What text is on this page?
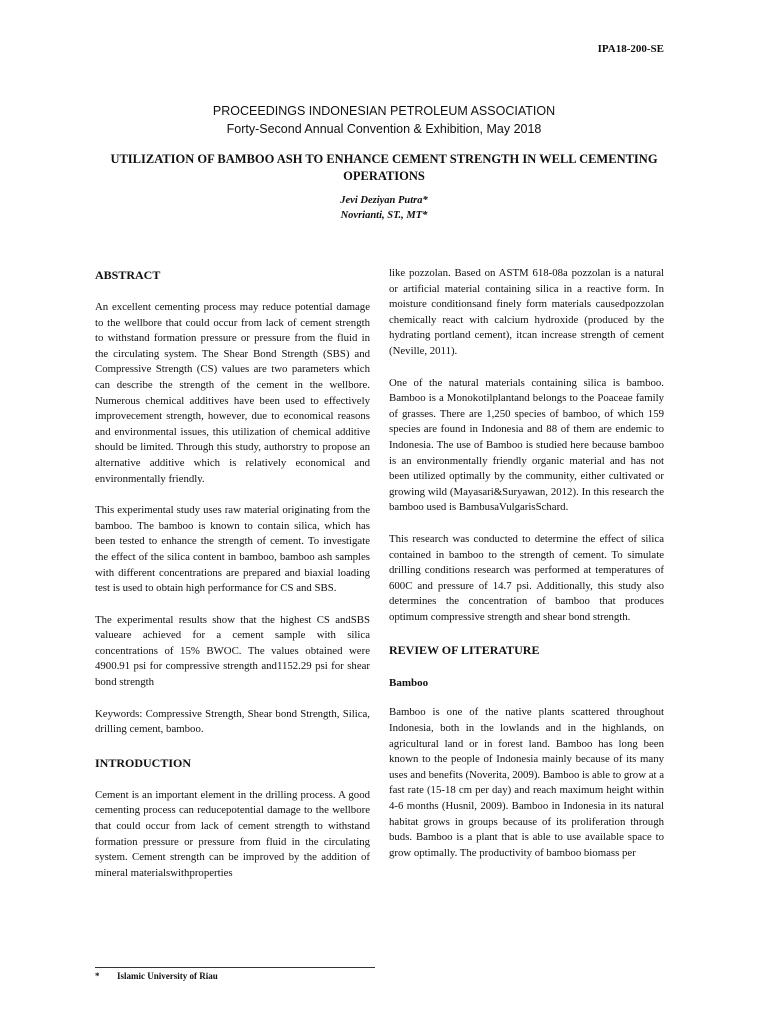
IPA18-200-SE
PROCEEDINGS INDONESIAN PETROLEUM ASSOCIATION
Forty-Second Annual Convention & Exhibition, May 2018
UTILIZATION OF BAMBOO ASH TO ENHANCE CEMENT STRENGTH IN WELL CEMENTING OPERATIONS
Jevi Deziyan Putra*
Novrianti, ST., MT*
ABSTRACT

An excellent cementing process may reduce potential damage to the wellbore that could occur from lack of cement strength to withstand formation pressure or pressure from the fluid in the circulating system. The Shear Bond Strength (SBS) and Compressive Strength (CS) values are two parameters which can describe the strength of the cement in the wellbore. Numerous chemical additives have been used to effectively improvecement strength, however, due to economical reasons and environmental issues, this utilization of chemical additive should be limited. Through this study, authorstry to propose an alternative additive which is relatively economical and environmentally friendly.

This experimental study uses raw material originating from the bamboo. The bamboo is known to contain silica, which has been tested to enhance the strength of cement. To investigate the effect of the silica content in bamboo, bamboo ash samples with different concentrations are prepared and biaxial loading test is used to obtain high performance for CS and SBS.

The experimental results show that the highest CS andSBS valueare achieved for a cement sample with silica concentrations of 15% BWOC. The values obtained were 4900.91 psi for compressive strength and1152.29 psi for shear bond strength

Keywords: Compressive Strength, Shear bond Strength, Silica, drilling cement, bamboo.

INTRODUCTION

Cement is an important element in the drilling process. A good cementing process can reducepotential damage to the wellbore that could occur from lack of cement strength to withstand formation pressure or pressure from fluid in the circulating system. Cement strength can be improved by the addition of mineral materialswithproperties

like pozzolan. Based on ASTM 618-08a pozzolan is a natural or artificial material containing silica in a reactive form. In moisture conditionsand finely form materials causedpozzolan chemically react with calcium hydroxide (produced by the hydrating portland cement), itcan increase strength of cement (Neville, 2011).

One of the natural materials containing silica is bamboo. Bamboo is a Monokotilplantand belongs to the Poaceae family of grasses. There are 1,250 species of bamboo, of which 159 species are found in Indonesia and 88 of them are endemic to Indonesia. The use of Bamboo is studied here because bamboo is an environmentally friendly organic material and has not been utilized optimally by the community, either cultivated or growing wild (Mayasari&Suryawan, 2012). In this research the bamboo used is BambusaVulgarisSchard.

This research was conducted to determine the effect of silica contained in bamboo to the strength of cement. To simulate drilling conditions research was performed at temperatures of 600C and pressure of 14.7 psi. Additionally, this study also determines the concentration of bamboo that produces optimum compressive strength and shear bond strength.

REVIEW OF LITERATURE
Bamboo

Bamboo is one of the native plants scattered throughout Indonesia, both in the lowlands and in the highlands, on agricultural land or in forest land. Bamboo has long been known to the people of Indonesia mainly because of its many uses and benefits (Noverita, 2009). Bamboo is able to grow at a fast rate (15-18 cm per day) and reach maximum height within 4-6 months (Husnil, 2009). Bamboo in Indonesia in its natural habitat grows in groups because of its proliferation through buds. Bamboo is a plant that is able to use available space to grow optimally. The productivity of bamboo biomass per

* Islamic University of Riau
